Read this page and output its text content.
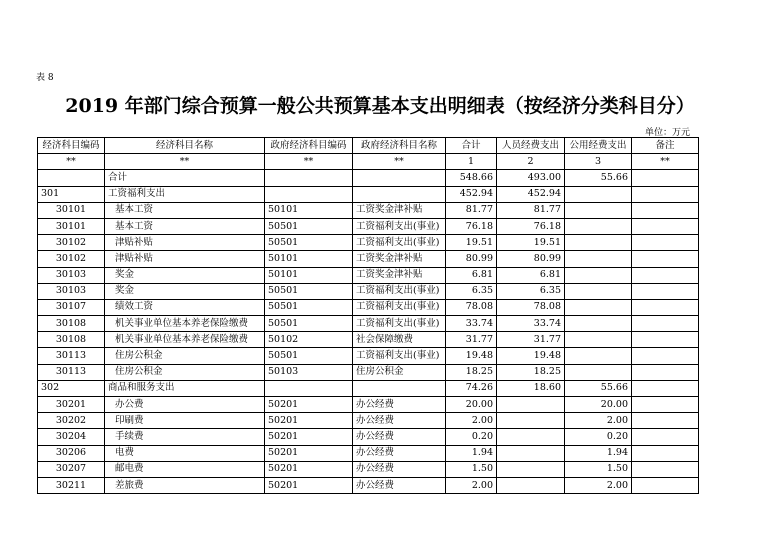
表 8
2019 年部门综合预算一般公共预算基本支出明细表（按经济分类科目分）
单位：万元
经济科目编码	经济科目名称	政府经济科目编码	政府经济科目名称	合计	人员经费支出	公用经费支出	备注
**	**	**	**	1	2	3	**
	合计			548.66	493.00	55.66	
301	工资福利支出			452.94	452.94		
30101	基本工资	50101	工资奖金津补贴	81.77	81.77		
30101	基本工资	50501	工资福利支出(事业)	76.18	76.18		
30102	津贴补贴	50501	工资福利支出(事业)	19.51	19.51		
30102	津贴补贴	50101	工资奖金津补贴	80.99	80.99		
30103	奖金	50101	工资奖金津补贴	6.81	6.81		
30103	奖金	50501	工资福利支出(事业)	6.35	6.35		
30107	绩效工资	50501	工资福利支出(事业)	78.08	78.08		
30108	机关事业单位基本养老保险缴费	50501	工资福利支出(事业)	33.74	33.74		
30108	机关事业单位基本养老保险缴费	50102	社会保障缴费	31.77	31.77		
30113	住房公积金	50501	工资福利支出(事业)	19.48	19.48		
30113	住房公积金	50103	住房公积金	18.25	18.25		
302	商品和服务支出			74.26	18.60	55.66	
30201	办公费	50201	办公经费	20.00		20.00	
30202	印刷费	50201	办公经费	2.00		2.00	
30204	手续费	50201	办公经费	0.20		0.20	
30206	电费	50201	办公经费	1.94		1.94	
30207	邮电费	50201	办公经费	1.50		1.50	
30211	差旅费	50201	办公经费	2.00		2.00	
